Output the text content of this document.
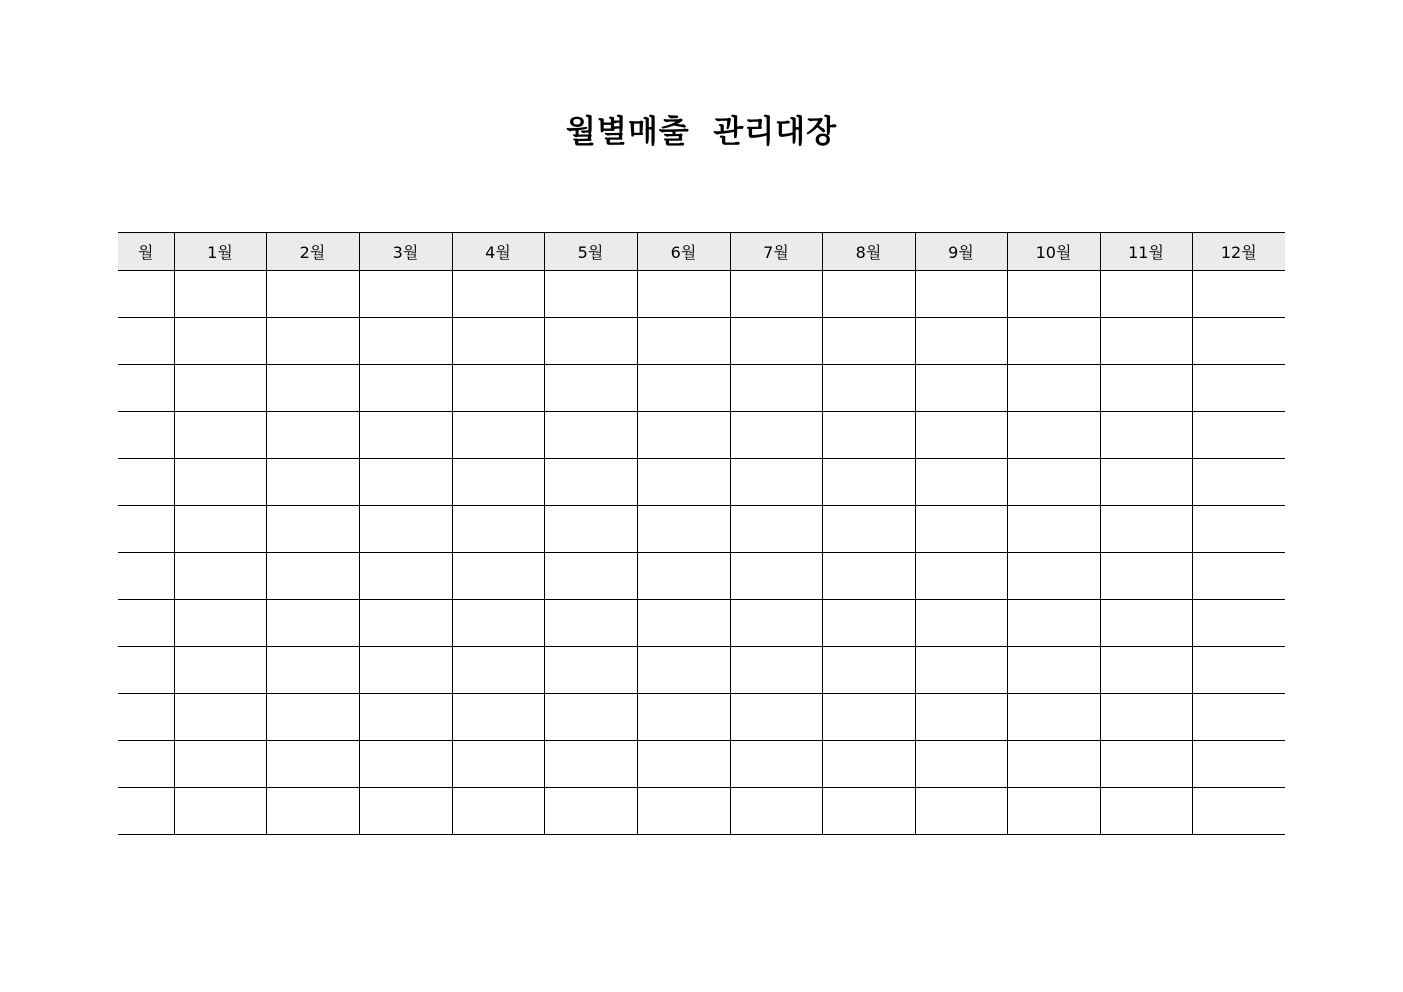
월별매출  관리대장
월	1월	2월	3월	4월	5월	6월	7월	8월	9월	10월	11월	12월
